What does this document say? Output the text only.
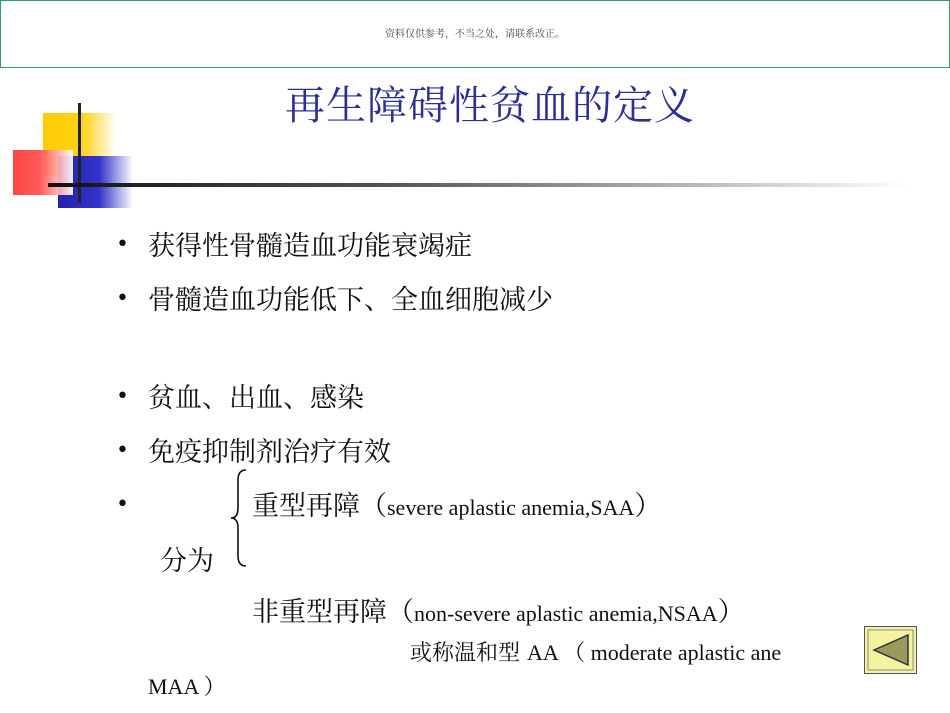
资料仅供参考，不当之处，请联系改正。
再生障碍性贫血的定义
• 获得性骨髓造血功能衰竭症
• 骨髓造血功能低下、全血细胞减少
• 贫血、出血、感染
• 免疫抑制剂治疗有效
•	重型再障（severe aplastic anemia,SAA）
分为
非重型再障（non-severe aplastic anemia,NSAA）
或称温和型 AA （ moderate aplastic ane
MAA ）
